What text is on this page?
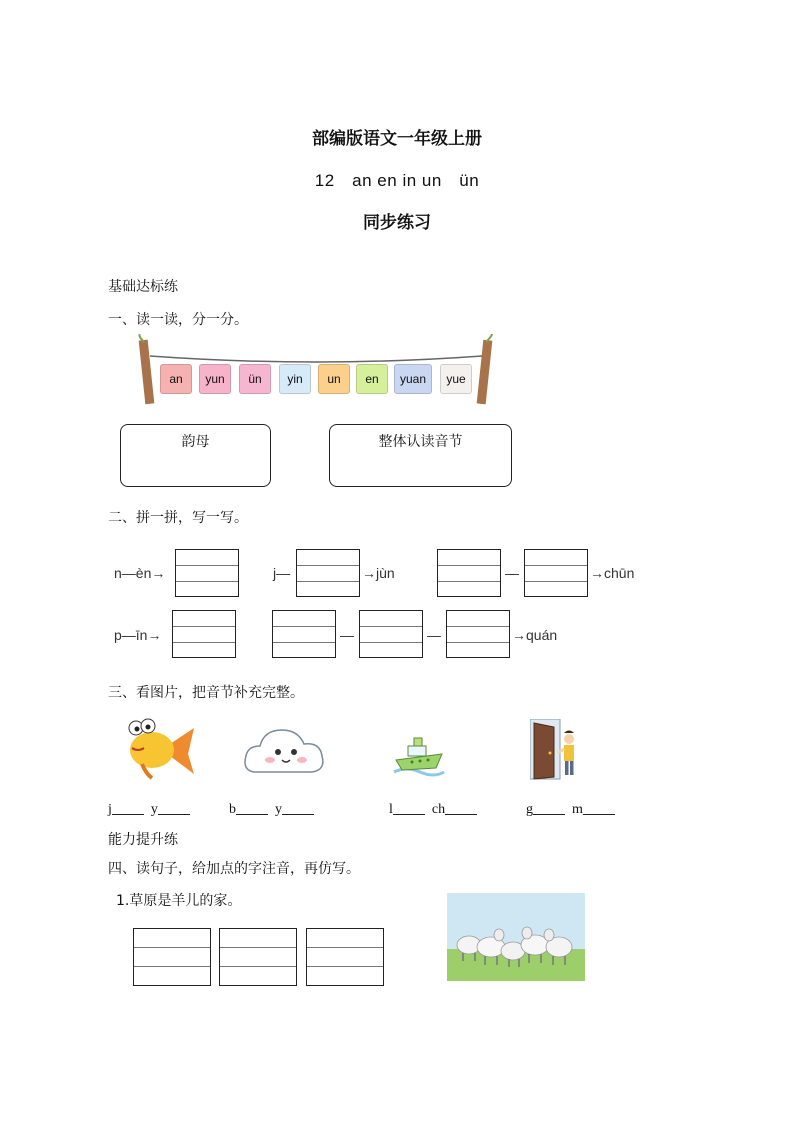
部编版语文一年级上册
12　an en in un　ün
同步练习
基础达标练
一、读一读，分一分。
an	yun	ün	yin	un	en	yuan	yue
韵母	整体认读音节
二、拼一拼，写一写。
n—èn→	j—	→jùn	—	→chūn
p—īn→	—	—	→quán
三、看图片，把音节补充完整。
j	y	b	y	l	ch	g	m
能力提升练
四、读句子，给加点的字注音，再仿写。
1.草原是羊儿的家。
